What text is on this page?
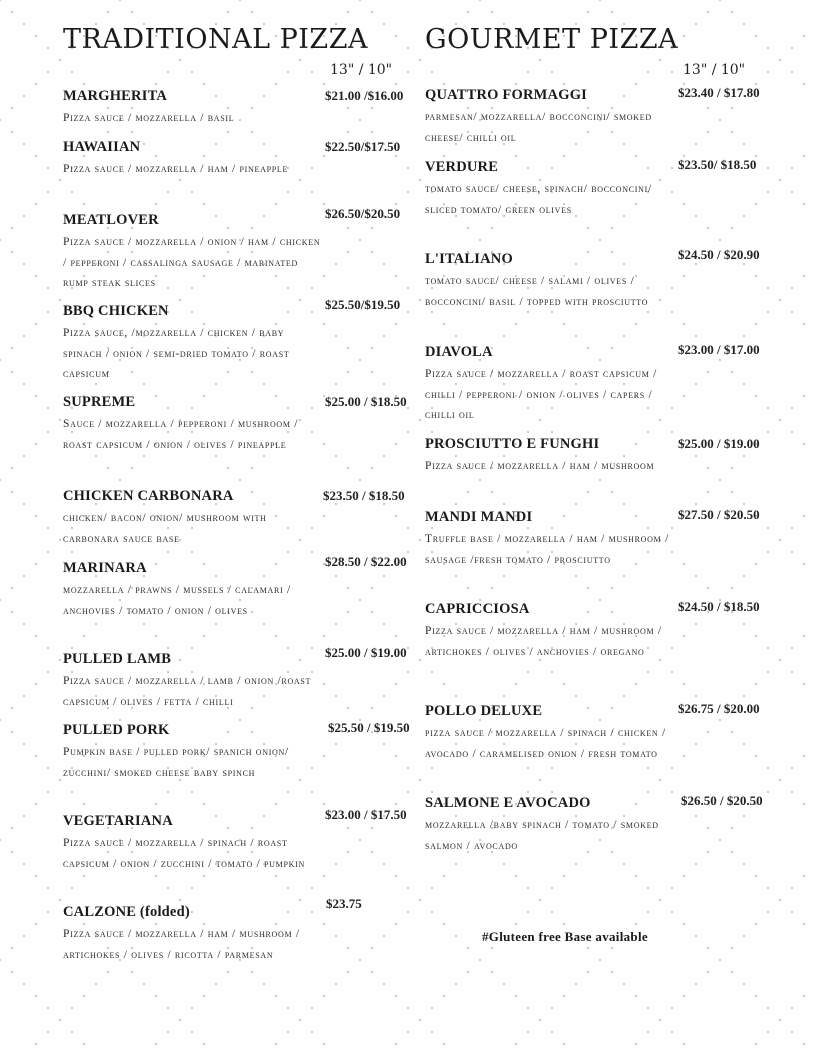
TRADITIONAL PIZZA
13" / 10"
MARGHERITA
Pizza sauce / mozzarella / basil
$21.00 /$16.00
HAWAIIAN
Pizza sauce / mozzarella / ham / pineapple
$22.50/$17.50
MEATLOVER
Pizza sauce / mozzarella / onion / ham / chicken / pepperoni / cassalinga sausage / marinated rump steak slices
$26.50/$20.50
BBQ CHICKEN
Pizza sauce, /mozzarella / chicken / baby spinach / onion / semi-dried tomato / roast capsicum
$25.50/$19.50
SUPREME
Sauce / mozzarella / pepperoni / mushroom / roast capsicum / onion / olives / pineapple
$25.00 / $18.50
CHICKEN CARBONARA
chicken/ bacon/ onion/ mushroom with carbonara sauce base
$23.50 / $18.50
MARINARA
mozzarella / prawns / mussels / calamari / anchovies / tomato / onion / olives
$28.50 / $22.00
PULLED LAMB
Pizza sauce / mozzarella / lamb / onion /roast capsicum / olives / fetta / chilli
$25.00 / $19.00
PULLED PORK
Pumpkin base / pulled pork/ spanich onion/ zucchini/ smoked cheese baby spinch
$25.50 / $19.50
VEGETARIANA
Pizza sauce / mozzarella / spinach / roast capsicum / onion / zucchini / tomato / pumpkin
$23.00 / $17.50
CALZONE (folded)
Pizza sauce / mozzarella / ham / mushroom / artichokes / olives / ricotta / parmesan
$23.75
GOURMET PIZZA
13" / 10"
QUATTRO FORMAGGI
parmesan/ mozzarella/ bocconcini/ smoked cheese/ chilli oil
$23.40 / $17.80
VERDURE
tomato sauce/ cheese, spinach/ bocconcini/ sliced tomato/ green olives
$23.50/ $18.50
L'ITALIANO
tomato sauce/ cheese / salami / olives / bocconcini/ basil / topped with prosciutto
$24.50 / $20.90
DIAVOLA
Pizza sauce / mozzarella / roast capsicum / chilli / pepperoni / onion / olives / capers / chilli oil
$23.00 / $17.00
PROSCIUTTO E FUNGHI
Pizza sauce / mozzarella / ham / mushroom
$25.00 / $19.00
MANDI MANDI
Truffle base / mozzarella / ham / mushroom / sausage /fresh tomato / prosciutto
$27.50 / $20.50
CAPRICCIOSA
Pizza sauce / mozzarella / ham / mushroom / artichokes / olives / anchovies / oregano
$24.50 / $18.50
POLLO DELUXE
pizza sauce / mozzarella / spinach / chicken / avocado / caramelised onion / fresh tomato
$26.75 / $20.00
SALMONE E AVOCADO
mozzarella /baby spinach / tomato / smoked salmon / avocado
$26.50 / $20.50
#Gluteen free Base available
